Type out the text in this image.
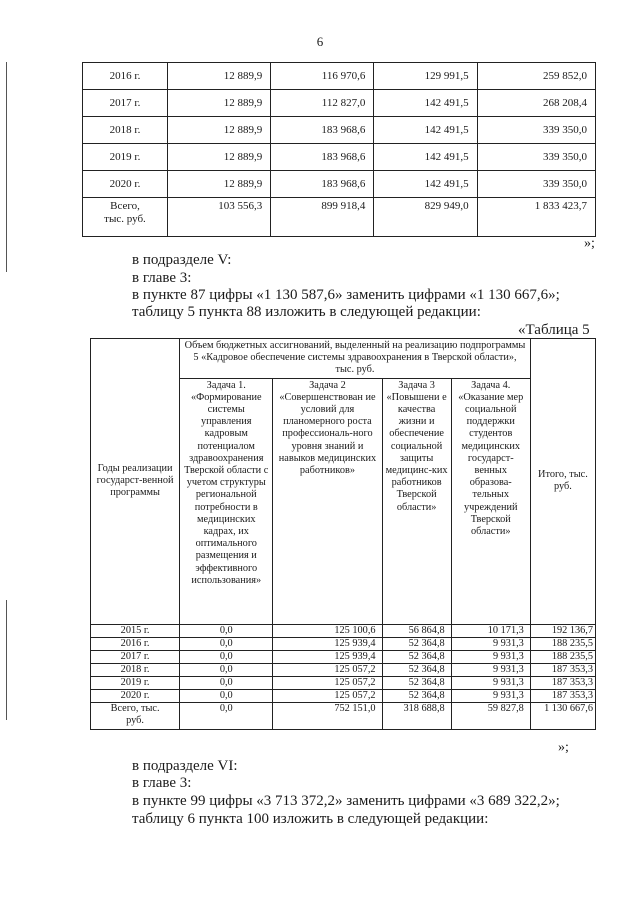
6
2016 г.	12 889,9	116 970,6	129 991,5	259 852,0
2017 г.	12 889,9	112 827,0	142 491,5	268 208,4
2018 г.	12 889,9	183 968,6	142 491,5	339 350,0
2019 г.	12 889,9	183 968,6	142 491,5	339 350,0
2020 г.	12 889,9	183 968,6	142 491,5	339 350,0
Всего,
тыс. руб.	103 556,3	899 918,4	829 949,0	1 833 423,7
»;
в подразделе V:
в главе 3:
в пункте 87 цифры «1 130 587,6» заменить цифрами «1 130 667,6»;
таблицу 5 пункта 88 изложить в следующей редакции:
«Таблица 5
Годы реализации государст-венной программы	Объем бюджетных ассигнований, выделенный на реализацию подпрограммы 5 «Кадровое обеспечение системы здравоохранения в Тверской области», тыс. руб.				Итого, тыс. руб.
	Задача 1. «Формирование системы управления кадровым потенциалом здравоохранения Тверской области с учетом структуры региональной потребности в медицинских кадрах, их оптимального размещения и эффективного использования»	Задача 2 «Совершенствован ие условий для планомерного роста профессиональ-ного уровня знаний и навыков медицинских работников»	Задача 3 «Повышени е качества жизни и обеспечение социальной защиты медицинс-ких работников Тверской области»	Задача 4. «Оказание мер социальной поддержки студентов медицинских государст-венных образова-тельных учреждений Тверской области»	
2015 г.	0,0	125 100,6	56 864,8	10 171,3	192 136,7
2016 г.	0,0	125 939,4	52 364,8	9 931,3	188 235,5
2017 г.	0,0	125 939,4	52 364,8	9 931,3	188 235,5
2018 г.	0,0	125 057,2	52 364,8	9 931,3	187 353,3
2019 г.	0,0	125 057,2	52 364,8	9 931,3	187 353,3
2020 г.	0,0	125 057,2	52 364,8	9 931,3	187 353,3
Всего, тыс.
руб.	0,0	752 151,0	318 688,8	59 827,8	1 130 667,6
»;
в подразделе VI:
в главе 3:
в пункте 99 цифры «3 713 372,2» заменить цифрами «3 689 322,2»;
таблицу 6 пункта 100 изложить в следующей редакции:
